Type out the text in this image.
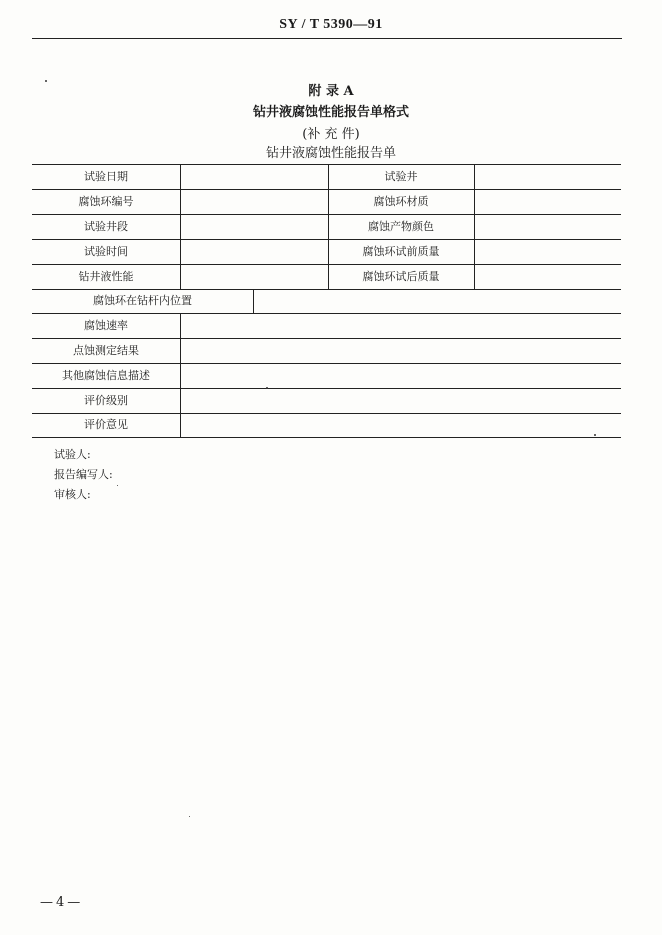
SY / T 5390—91
附 录 A
钻井液腐蚀性能报告单格式
(补 充 件)
钻井液腐蚀性能报告单
试验日期
腐蚀环编号
试验井段
试验时间
钻井液性能
试验井
腐蚀环材质
腐蚀产物颜色
腐蚀环试前质量
腐蚀环试后质量
腐蚀环在钻杆内位置
腐蚀速率
点蚀测定结果
其他腐蚀信息描述
评价级别
评价意见
试验人:
报告编写人:
审核人:
— 4 —
